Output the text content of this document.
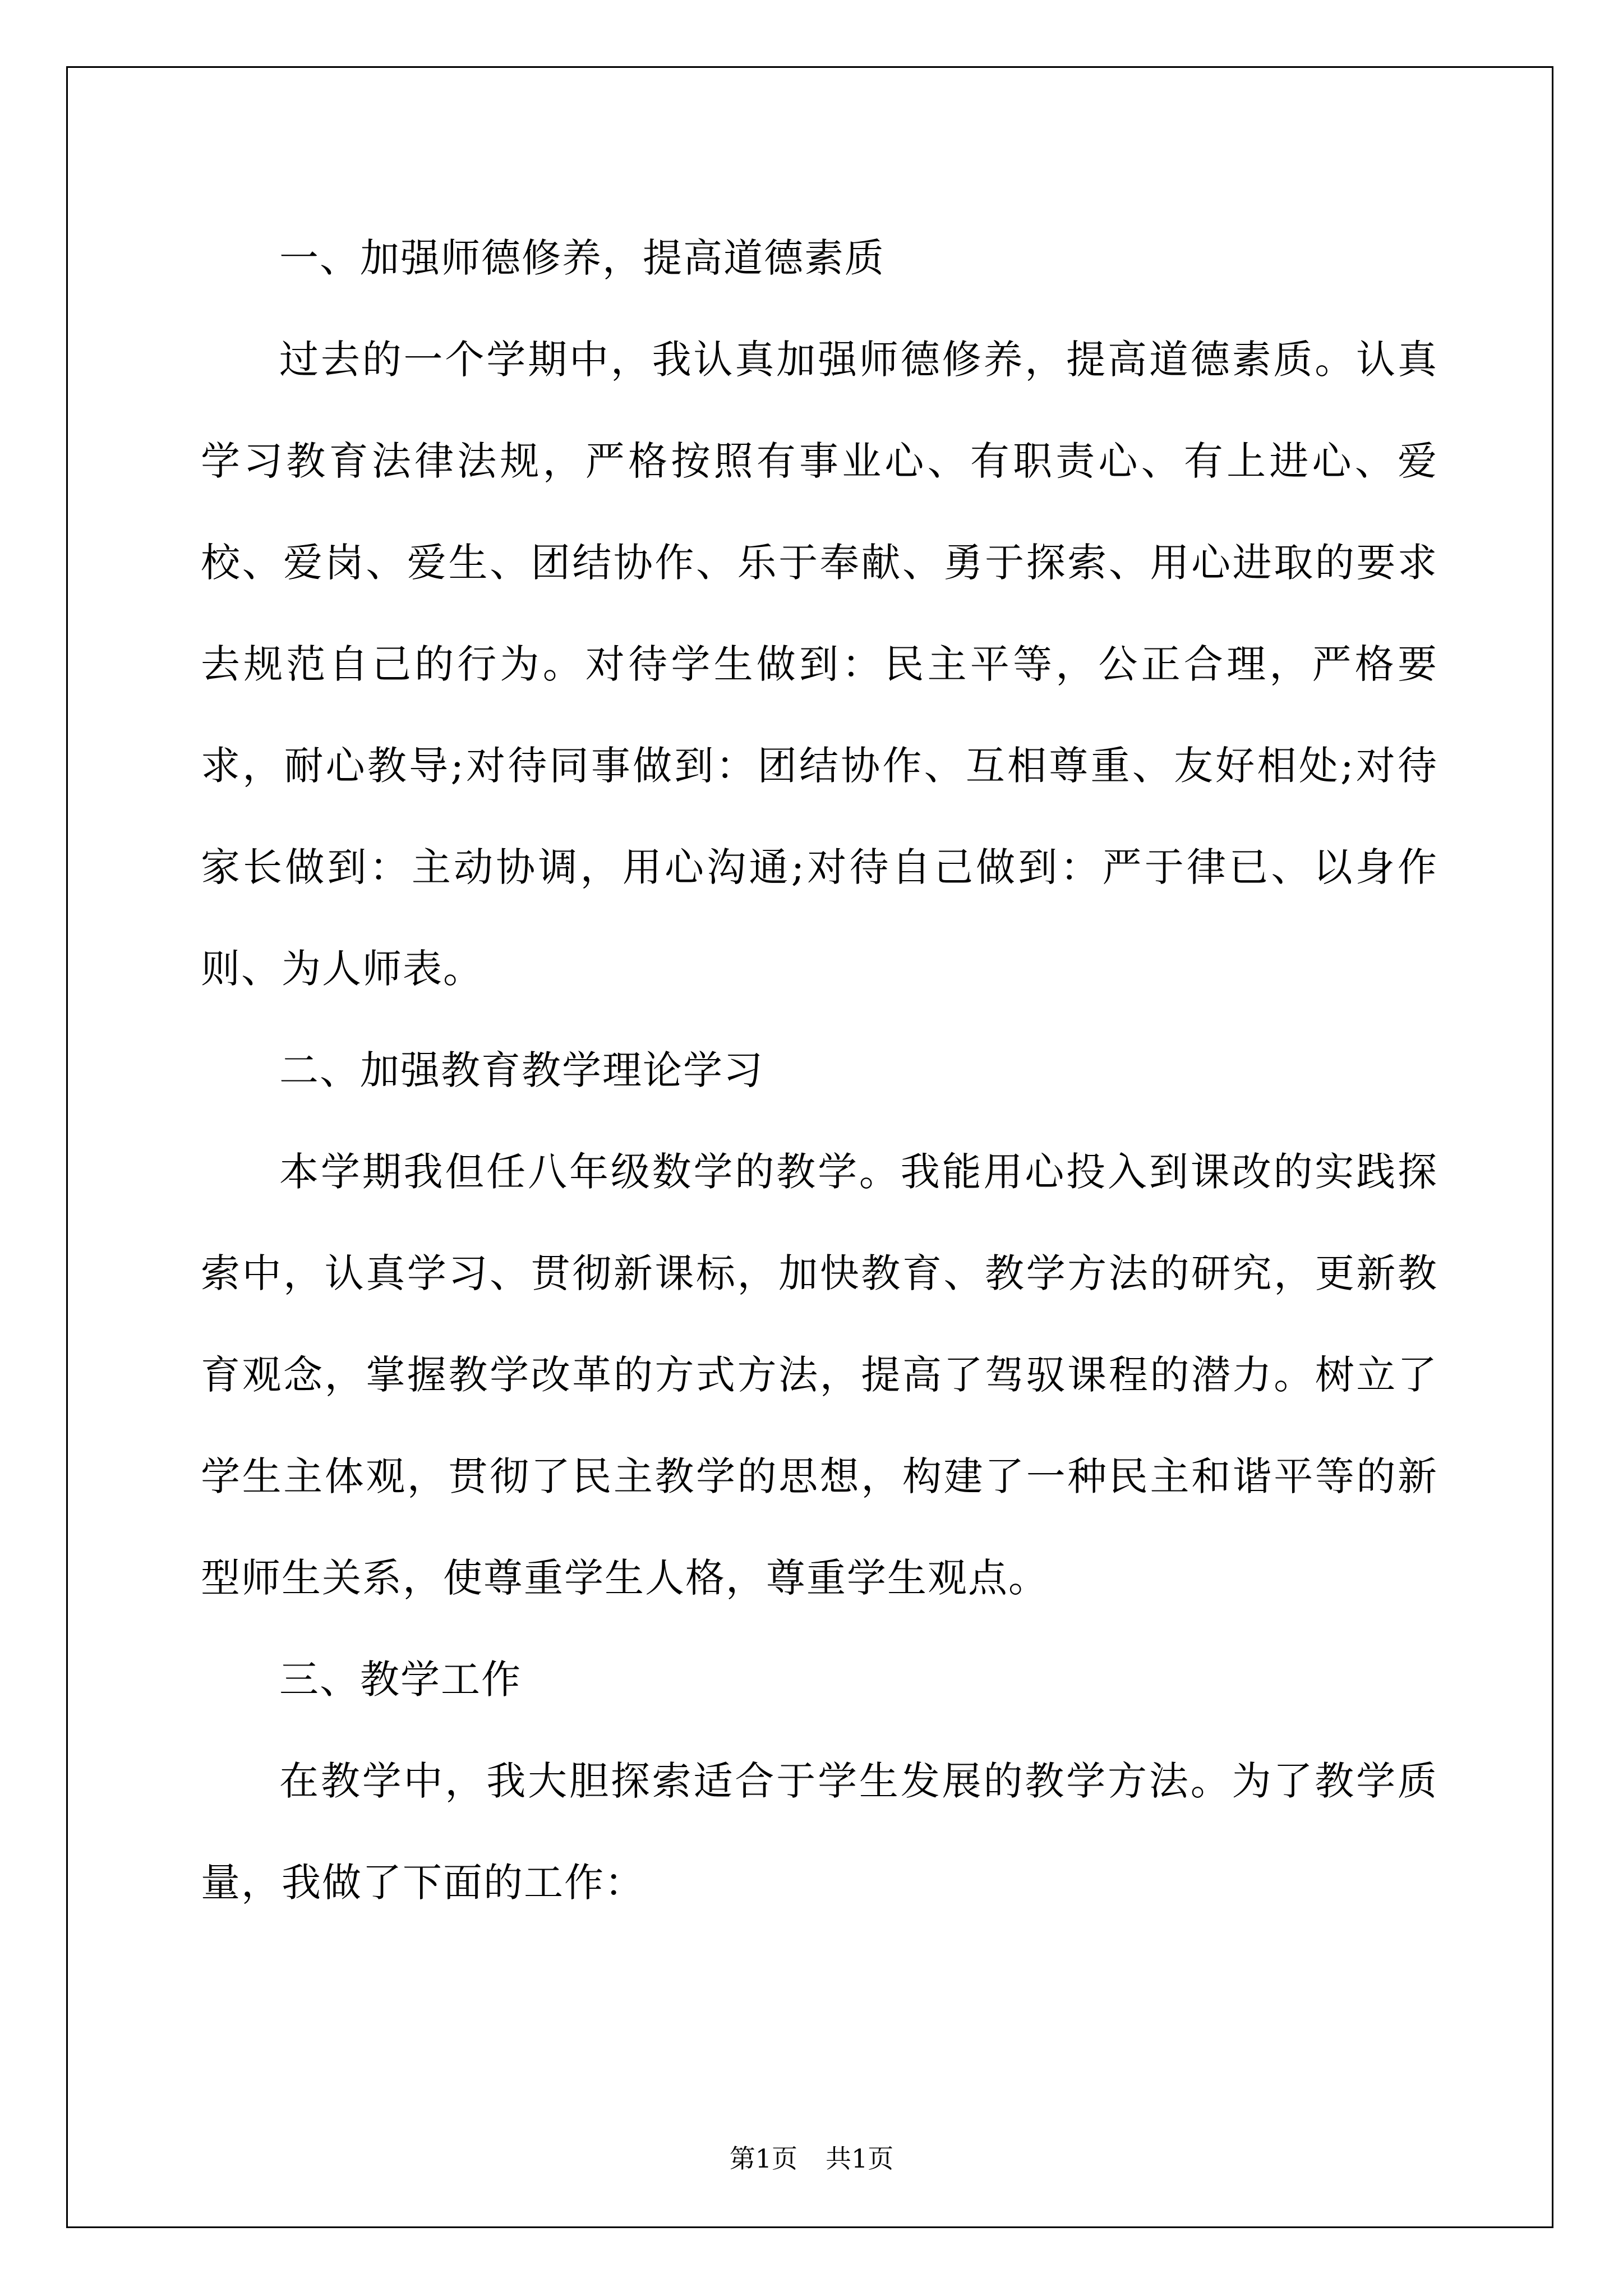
一、加强师德修养，提高道德素质

过去的一个学期中，我认真加强师德修养，提高道德素质。认真学习教育法律法规，严格按照有事业心、有职责心、有上进心、爱校、爱岗、爱生、团结协作、乐于奉献、勇于探索、用心进取的要求去规范自己的行为。对待学生做到：民主平等，公正合理，严格要求，耐心教导;对待同事做到：团结协作、互相尊重、友好相处;对待家长做到：主动协调，用心沟通;对待自己做到：严于律已、以身作则、为人师表。

二、加强教育教学理论学习

本学期我但任八年级数学的教学。我能用心投入到课改的实践探索中，认真学习、贯彻新课标，加快教育、教学方法的研究，更新教育观念，掌握教学改革的方式方法，提高了驾驭课程的潜力。树立了学生主体观，贯彻了民主教学的思想，构建了一种民主和谐平等的新型师生关系，使尊重学生人格，尊重学生观点。

三、教学工作

在教学中，我大胆探索适合于学生发展的教学方法。为了教学质量，我做了下面的工作：

第1页 共1页
